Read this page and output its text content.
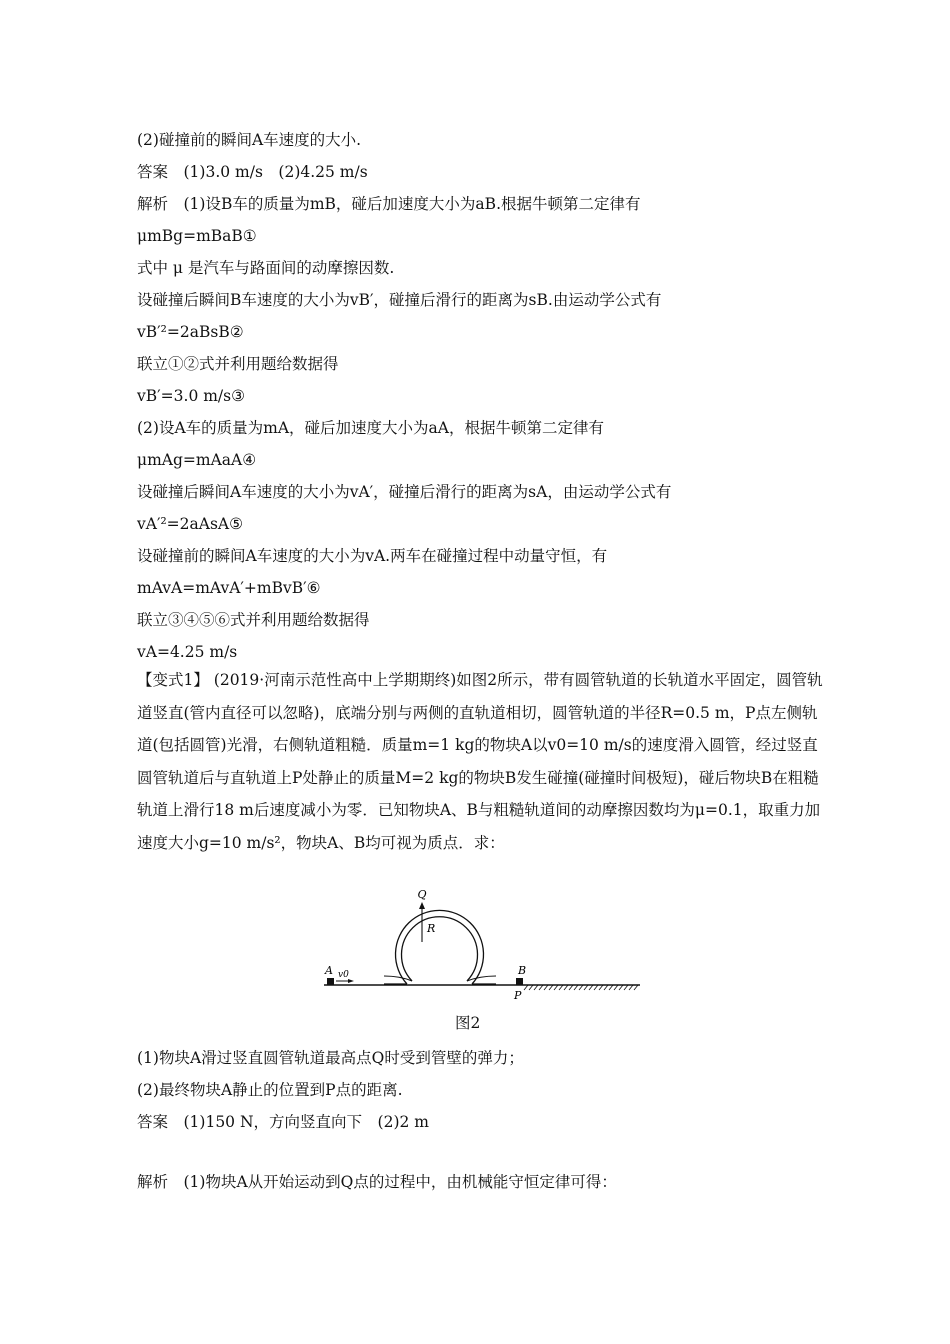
(2)碰撞前的瞬间A车速度的大小.
答案　(1)3.0 m/s　(2)4.25 m/s
解析　(1)设B车的质量为mB，碰后加速度大小为aB.根据牛顿第二定律有
μmBg=mBaB①
式中 μ 是汽车与路面间的动摩擦因数.
设碰撞后瞬间B车速度的大小为vB′，碰撞后滑行的距离为sB.由运动学公式有
vB′²=2aBsB②
联立①②式并利用题给数据得
vB′=3.0 m/s③
(2)设A车的质量为mA，碰后加速度大小为aA，根据牛顿第二定律有
μmAg=mAaA④
设碰撞后瞬间A车速度的大小为vA′，碰撞后滑行的距离为sA，由运动学公式有
vA′²=2aAsA⑤
设碰撞前的瞬间A车速度的大小为vA.两车在碰撞过程中动量守恒，有
mAvA=mAvA′+mBvB′⑥
联立③④⑤⑥式并利用题给数据得
vA=4.25 m/s
【变式1】 (2019·河南示范性高中上学期期终)如图2所示，带有圆管轨道的长轨道水平固定，圆管轨道竖直(管内直径可以忽略)，底端分别与两侧的直轨道相切，圆管轨道的半径R=0.5 m，P点左侧轨道(包括圆管)光滑，右侧轨道粗糙．质量m=1 kg的物块A以v0=10 m/s的速度滑入圆管，经过竖直圆管轨道后与直轨道上P处静止的质量M=2 kg的物块B发生碰撞(碰撞时间极短)，碰后物块B在粗糙轨道上滑行18 m后速度减小为零．已知物块A、B与粗糙轨道间的动摩擦因数均为μ=0.1，取重力加速度大小g=10 m/s²，物块A、B均可视为质点．求：
Q
R
A v0	B
P
图2
(1)物块A滑过竖直圆管轨道最高点Q时受到管壁的弹力；
(2)最终物块A静止的位置到P点的距离.
答案　(1)150 N，方向竖直向下　(2)2 m
解析　(1)物块A从开始运动到Q点的过程中，由机械能守恒定律可得：
